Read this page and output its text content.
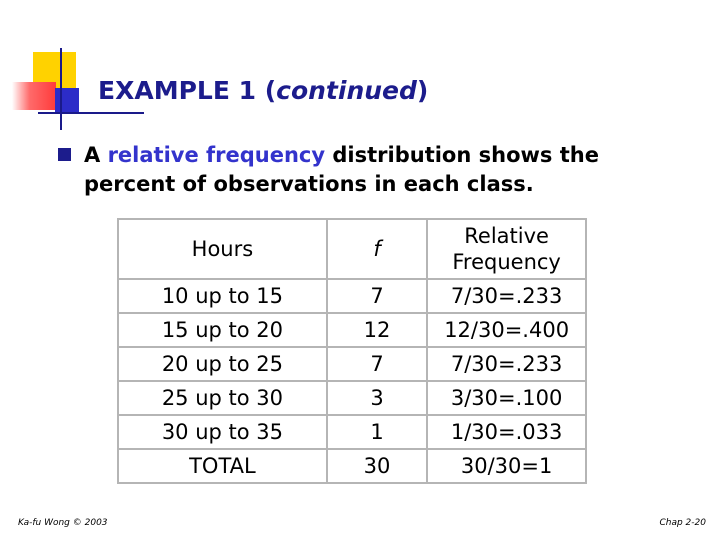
EXAMPLE 1 (continued)
A relative frequency distribution shows the percent of observations in each class.
Hours	f	Relative Frequency
10 up to 15	7	7/30=.233
15 up to 20	12	12/30=.400
20 up to 25	7	7/30=.233
25 up to 30	3	3/30=.100
30 up to 35	1	1/30=.033
TOTAL	30	30/30=1
Ka-fu Wong © 2003	Chap 2-20
